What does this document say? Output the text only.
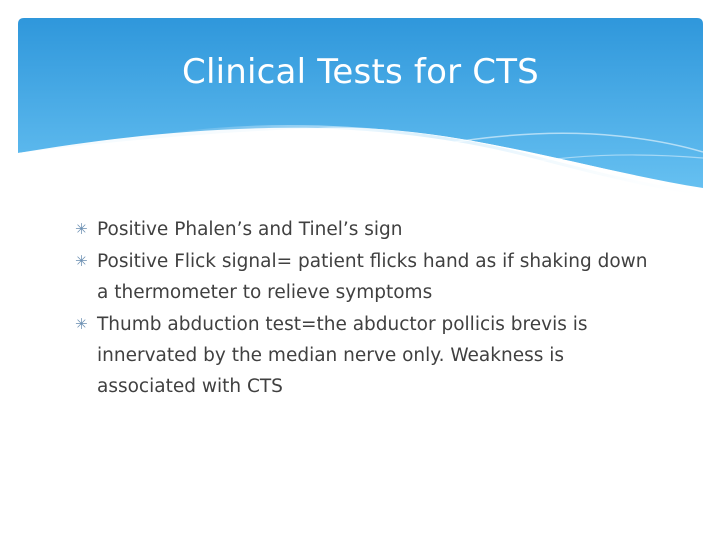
Clinical Tests for CTS
✳ Positive Phalen’s and Tinel’s sign
✳ Positive Flick signal= patient flicks hand as if shaking down a thermometer to relieve symptoms
✳ Thumb abduction test=the abductor pollicis brevis is innervated by the median nerve only. Weakness is associated with CTS
